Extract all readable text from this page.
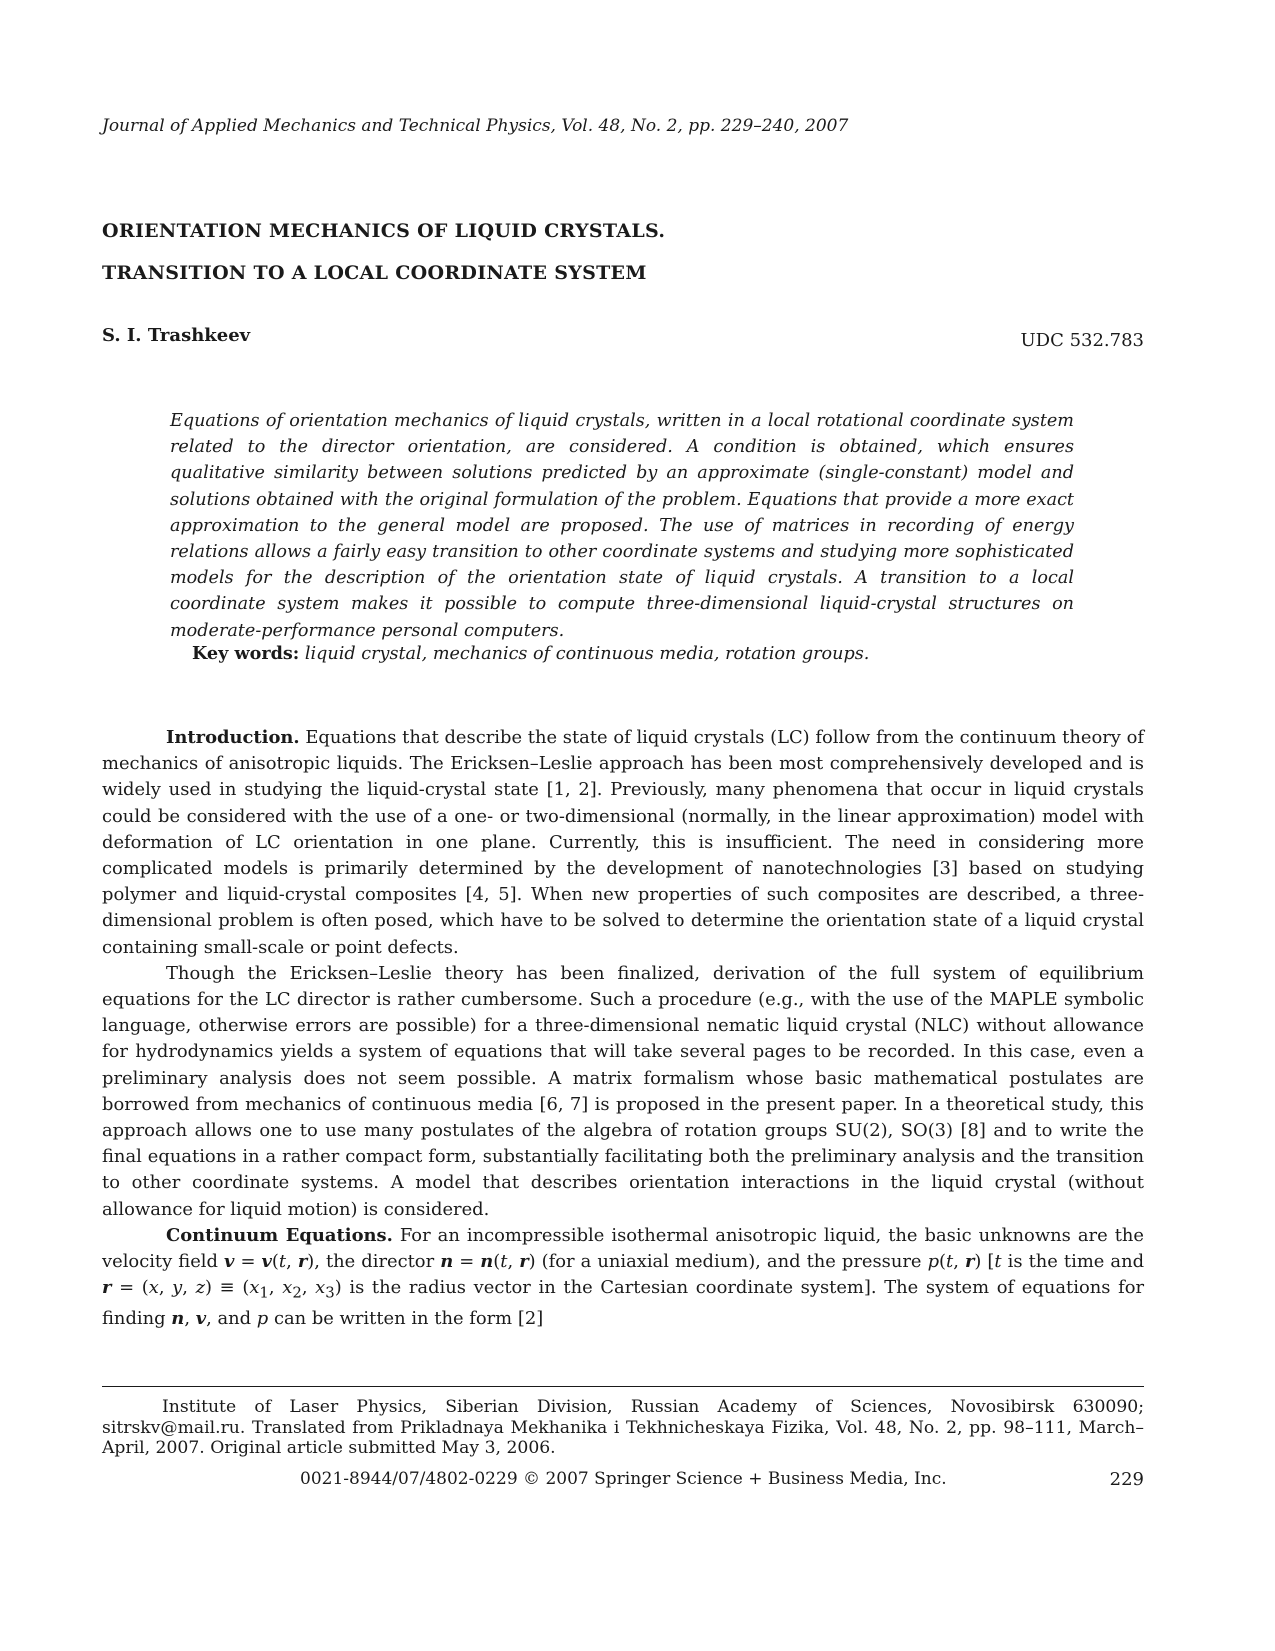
Journal of Applied Mechanics and Technical Physics, Vol. 48, No. 2, pp. 229–240, 2007
ORIENTATION MECHANICS OF LIQUID CRYSTALS.
TRANSITION TO A LOCAL COORDINATE SYSTEM
S. I. Trashkeev	UDC 532.783
Equations of orientation mechanics of liquid crystals, written in a local rotational coordinate system related to the director orientation, are considered. A condition is obtained, which ensures qualitative similarity between solutions predicted by an approximate (single-constant) model and solutions obtained with the original formulation of the problem. Equations that provide a more exact approximation to the general model are proposed. The use of matrices in recording of energy relations allows a fairly easy transition to other coordinate systems and studying more sophisticated models for the description of the orientation state of liquid crystals. A transition to a local coordinate system makes it possible to compute three-dimensional liquid-crystal structures on moderate-performance personal computers.
Key words: liquid crystal, mechanics of continuous media, rotation groups.

Introduction. Equations that describe the state of liquid crystals (LC) follow from the continuum theory of mechanics of anisotropic liquids. The Ericksen–Leslie approach has been most comprehensively developed and is widely used in studying the liquid-crystal state [1, 2]. Previously, many phenomena that occur in liquid crystals could be considered with the use of a one- or two-dimensional (normally, in the linear approximation) model with deformation of LC orientation in one plane. Currently, this is insufficient. The need in considering more complicated models is primarily determined by the development of nanotechnologies [3] based on studying polymer and liquid-crystal composites [4, 5]. When new properties of such composites are described, a three-dimensional problem is often posed, which have to be solved to determine the orientation state of a liquid crystal containing small-scale or point defects.

Though the Ericksen–Leslie theory has been finalized, derivation of the full system of equilibrium equations for the LC director is rather cumbersome. Such a procedure (e.g., with the use of the MAPLE symbolic language, otherwise errors are possible) for a three-dimensional nematic liquid crystal (NLC) without allowance for hydrodynamics yields a system of equations that will take several pages to be recorded. In this case, even a preliminary analysis does not seem possible. A matrix formalism whose basic mathematical postulates are borrowed from mechanics of continuous media [6, 7] is proposed in the present paper. In a theoretical study, this approach allows one to use many postulates of the algebra of rotation groups SU(2), SO(3) [8] and to write the final equations in a rather compact form, substantially facilitating both the preliminary analysis and the transition to other coordinate systems. A model that describes orientation interactions in the liquid crystal (without allowance for liquid motion) is considered.

Continuum Equations. For an incompressible isothermal anisotropic liquid, the basic unknowns are the velocity field v = v(t, r), the director n = n(t, r) (for a uniaxial medium), and the pressure p(t, r) [t is the time and r = (x, y, $z) \equiv (x_1$, $x_2$, $x_3$) is the radius vector in the Cartesian coordinate system]. The system of equations for finding n, v, and p can be written in the form [2]

Institute of Laser Physics, Siberian Division, Russian Academy of Sciences, Novosibirsk 630090; sitrskv@mail.ru. Translated from Prikladnaya Mekhanika i Tekhnicheskaya Fizika, Vol. 48, No. 2, pp. 98–111, March–April, 2007. Original article submitted May 3, 2006.

0021-8944/07/4802-0229 © 2007 Springer Science + Business Media, Inc.	229
